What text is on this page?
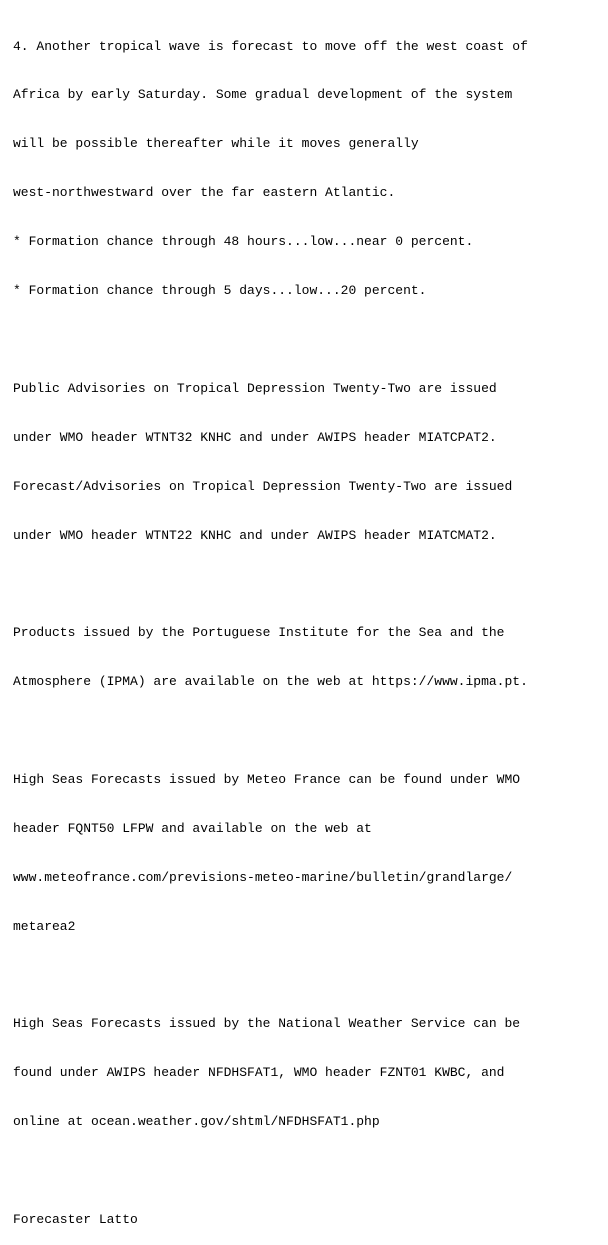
4. Another tropical wave is forecast to move off the west coast of

Africa by early Saturday. Some gradual development of the system

will be possible thereafter while it moves generally

west-northwestward over the far eastern Atlantic.

* Formation chance through 48 hours...low...near 0 percent.

* Formation chance through 5 days...low...20 percent.

Public Advisories on Tropical Depression Twenty-Two are issued

under WMO header WTNT32 KNHC and under AWIPS header MIATCPAT2.

Forecast/Advisories on Tropical Depression Twenty-Two are issued

under WMO header WTNT22 KNHC and under AWIPS header MIATCMAT2.

Products issued by the Portuguese Institute for the Sea and the

Atmosphere (IPMA) are available on the web at https://www.ipma.pt.

High Seas Forecasts issued by Meteo France can be found under WMO

header FQNT50 LFPW and available on the web at

www.meteofrance.com/previsions-meteo-marine/bulletin/grandlarge/

metarea2

High Seas Forecasts issued by the National Weather Service can be

found under AWIPS header NFDHSFAT1, WMO header FZNT01 KWBC, and

online at ocean.weather.gov/shtml/NFDHSFAT1.php

Forecaster Latto
